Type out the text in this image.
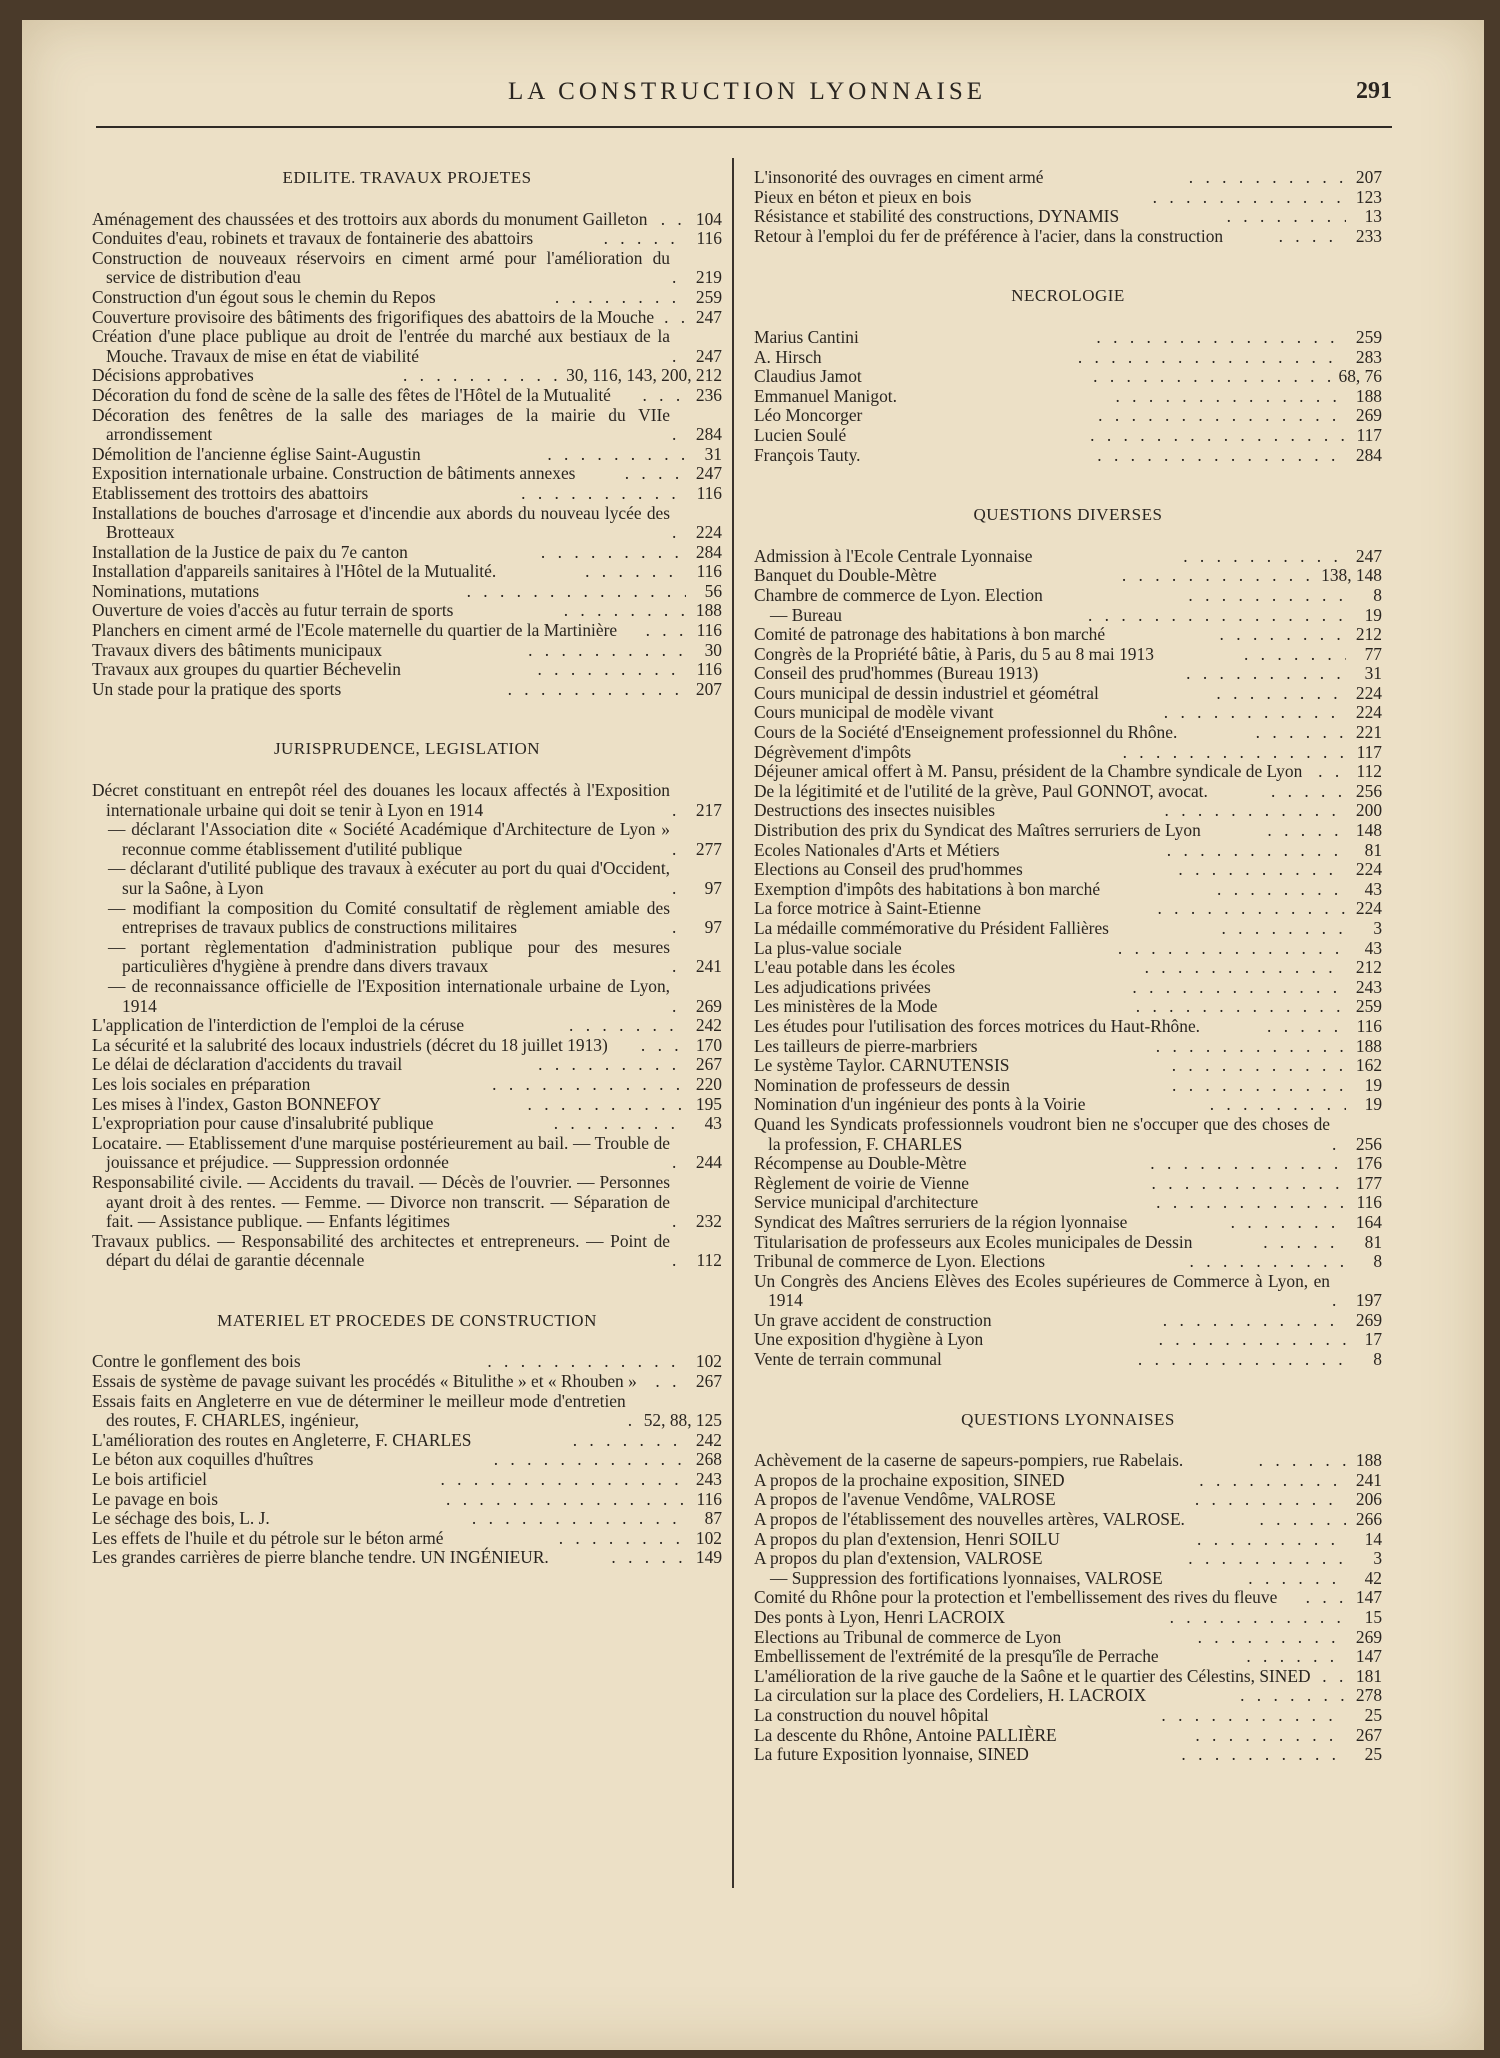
LA CONSTRUCTION LYONNAISE	291
EDILITE. TRAVAUX PROJETES
Aménagement des chaussées et des trottoirs aux abords du monument Gailleton . . .	104
Conduites d'eau, robinets et travaux de fontainerie des abattoirs . . .	116
Construction de nouveaux réservoirs en ciment armé pour l'amélioration du service de distribution d'eau . . .	219
Construction d'un égout sous le chemin du Repos . . .	259
Couverture provisoire des bâtiments des frigorifiques des abattoirs de la Mouche . . .	247
Création d'une place publique au droit de l'entrée du marché aux bestiaux de la Mouche. Travaux de mise en état de viabilité . . .	247
Décisions approbatives . . .	30, 116, 143, 200, 212
Décoration du fond de scène de la salle des fêtes de l'Hôtel de la Mutualité . . .	236
Décoration des fenêtres de la salle des mariages de la mairie du VIIe arrondissement . . .	284
Démolition de l'ancienne église Saint-Augustin . . .	31
Exposition internationale urbaine. Construction de bâtiments annexes . . .	247
Etablissement des trottoirs des abattoirs . . .	116
Installations de bouches d'arrosage et d'incendie aux abords du nouveau lycée des Brotteaux . . .	224
Installation de la Justice de paix du 7e canton . . .	284
Installation d'appareils sanitaires à l'Hôtel de la Mutualité. . . .	116
Nominations, mutations . . .	56
Ouverture de voies d'accès au futur terrain de sports . . .	188
Planchers en ciment armé de l'Ecole maternelle du quartier de la Martinière . . .	116
Travaux divers des bâtiments municipaux . . .	30
Travaux aux groupes du quartier Béchevelin . . .	116
Un stade pour la pratique des sports . . .	207
JURISPRUDENCE, LEGISLATION
Décret constituant en entrepôt réel des douanes les locaux affectés à l'Exposition internationale urbaine qui doit se tenir à Lyon en 1914 . . .	217
— déclarant l'Association dite « Société Académique d'Architecture de Lyon » reconnue comme établissement d'utilité publique . . .	277
— déclarant d'utilité publique des travaux à exécuter au port du quai d'Occident, sur la Saône, à Lyon . . .	97
— modifiant la composition du Comité consultatif de règlement amiable des entreprises de travaux publics de constructions militaires . . .	97
— portant règlementation d'administration publique pour des mesures particulières d'hygiène à prendre dans divers travaux . . .	241
— de reconnaissance officielle de l'Exposition internationale urbaine de Lyon, 1914 . . .	269
L'application de l'interdiction de l'emploi de la céruse . . .	242
La sécurité et la salubrité des locaux industriels (décret du 18 juillet 1913) . . .	170
Le délai de déclaration d'accidents du travail . . .	267
Les lois sociales en préparation . . .	220
Les mises à l'index, Gaston BONNEFOY . . .	195
L'expropriation pour cause d'insalubrité publique . . .	43
Locataire. — Etablissement d'une marquise postérieurement au bail. — Trouble de jouissance et préjudice. — Suppression ordonnée . . .	244
Responsabilité civile. — Accidents du travail. — Décès de l'ouvrier. — Personnes ayant droit à des rentes. — Femme. — Divorce non transcrit. — Séparation de fait. — Assistance publique. — Enfants légitimes . . .	232
Travaux publics. — Responsabilité des architectes et entrepreneurs. — Point de départ du délai de garantie décennale . . .	112
MATERIEL ET PROCEDES DE CONSTRUCTION
Contre le gonflement des bois . . .	102
Essais de système de pavage suivant les procédés « Bitulithe » et « Rhouben » . . .	267
Essais faits en Angleterre en vue de déterminer le meilleur mode d'entretien des routes, F. CHARLES, ingénieur, . . .	52, 88, 125
L'amélioration des routes en Angleterre, F. CHARLES . . .	242
Le béton aux coquilles d'huîtres . . .	268
Le bois artificiel . . .	243
Le pavage en bois . . .	116
Le séchage des bois, L. J. . . .	87
Les effets de l'huile et du pétrole sur le béton armé . . .	102
Les grandes carrières de pierre blanche tendre. UN INGÉNIEUR. . . .	149
L'insonorité des ouvrages en ciment armé . . .	207
Pieux en béton et pieux en bois . . .	123
Résistance et stabilité des constructions, DYNAMIS . . .	13
Retour à l'emploi du fer de préférence à l'acier, dans la construction . . .	233
NECROLOGIE
Marius Cantini . . .	259
A. Hirsch . . .	283
Claudius Jamot . . .	68, 76
Emmanuel Manigot. . . .	188
Léo Moncorger . . .	269
Lucien Soulé . . .	117
François Tauty. . . .	284
QUESTIONS DIVERSES
Admission à l'Ecole Centrale Lyonnaise . . .	247
Banquet du Double-Mètre . . .	138, 148
Chambre de commerce de Lyon. Election . . .	8
— Bureau . . .	19
Comité de patronage des habitations à bon marché . . .	212
Congrès de la Propriété bâtie, à Paris, du 5 au 8 mai 1913 . . .	77
Conseil des prud'hommes (Bureau 1913) . . .	31
Cours municipal de dessin industriel et géométral . . .	224
Cours municipal de modèle vivant . . .	224
Cours de la Société d'Enseignement professionnel du Rhône. . . .	221
Dégrèvement d'impôts . . .	117
Déjeuner amical offert à M. Pansu, président de la Chambre syndicale de Lyon . . .	112
De la légitimité et de l'utilité de la grève, Paul GONNOT, avocat. . . .	256
Destructions des insectes nuisibles . . .	200
Distribution des prix du Syndicat des Maîtres serruriers de Lyon . . .	148
Ecoles Nationales d'Arts et Métiers . . .	81
Elections au Conseil des prud'hommes . . .	224
Exemption d'impôts des habitations à bon marché . . .	43
La force motrice à Saint-Etienne . . .	224
La médaille commémorative du Président Fallières . . .	3
La plus-value sociale . . .	43
L'eau potable dans les écoles . . .	212
Les adjudications privées . . .	243
Les ministères de la Mode . . .	259
Les études pour l'utilisation des forces motrices du Haut-Rhône. . . .	116
Les tailleurs de pierre-marbriers . . .	188
Le système Taylor. CARNUTENSIS . . .	162
Nomination de professeurs de dessin . . .	19
Nomination d'un ingénieur des ponts à la Voirie . . .	19
Quand les Syndicats professionnels voudront bien ne s'occuper que des choses de la profession, F. CHARLES . . .	256
Récompense au Double-Mètre . . .	176
Règlement de voirie de Vienne . . .	177
Service municipal d'architecture . . .	116
Syndicat des Maîtres serruriers de la région lyonnaise . . .	164
Titularisation de professeurs aux Ecoles municipales de Dessin . . .	81
Tribunal de commerce de Lyon. Elections . . .	8
Un Congrès des Anciens Elèves des Ecoles supérieures de Commerce à Lyon, en 1914 . . .	197
Un grave accident de construction . . .	269
Une exposition d'hygiène à Lyon . . .	17
Vente de terrain communal . . .	8
QUESTIONS LYONNAISES
Achèvement de la caserne de sapeurs-pompiers, rue Rabelais. . . .	188
A propos de la prochaine exposition, SINED . . .	241
A propos de l'avenue Vendôme, VALROSE . . .	206
A propos de l'établissement des nouvelles artères, VALROSE. . . .	266
A propos du plan d'extension, Henri SOILU . . .	14
A propos du plan d'extension, VALROSE . . .	3
— Suppression des fortifications lyonnaises, VALROSE . . .	42
Comité du Rhône pour la protection et l'embellissement des rives du fleuve . . .	147
Des ponts à Lyon, Henri LACROIX . . .	15
Elections au Tribunal de commerce de Lyon . . .	269
Embellissement de l'extrémité de la presqu'île de Perrache . . .	147
L'amélioration de la rive gauche de la Saône et le quartier des Célestins, SINED . . .	181
La circulation sur la place des Cordeliers, H. LACROIX . . .	278
La construction du nouvel hôpital . . .	25
La descente du Rhône, Antoine PALLIÈRE . . .	267
La future Exposition lyonnaise, SINED . . .	25
